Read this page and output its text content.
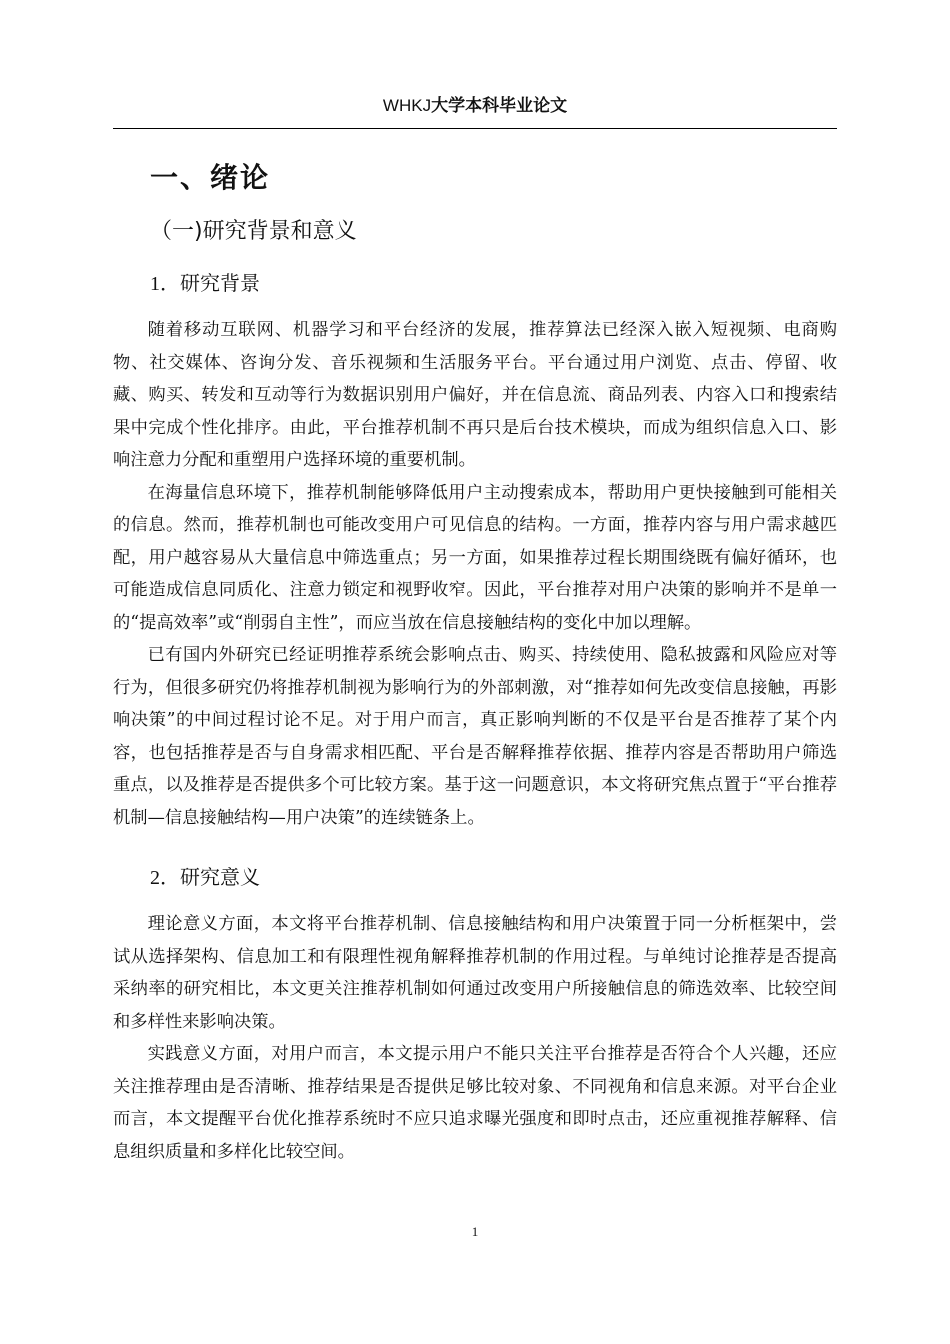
WHKJ大学本科毕业论文
一、绪论
（一)研究背景和意义
1．研究背景

随着移动互联网、机器学习和平台经济的发展，推荐算法已经深入嵌入短视频、电商购物、社交媒体、咨询分发、音乐视频和生活服务平台。平台通过用户浏览、点击、停留、收藏、购买、转发和互动等行为数据识别用户偏好，并在信息流、商品列表、内容入口和搜索结果中完成个性化排序。由此，平台推荐机制不再只是后台技术模块，而成为组织信息入口、影响注意力分配和重塑用户选择环境的重要机制。

在海量信息环境下，推荐机制能够降低用户主动搜索成本，帮助用户更快接触到可能相关的信息。然而，推荐机制也可能改变用户可见信息的结构。一方面，推荐内容与用户需求越匹配，用户越容易从大量信息中筛选重点；另一方面，如果推荐过程长期围绕既有偏好循环，也可能造成信息同质化、注意力锁定和视野收窄。因此，平台推荐对用户决策的影响并不是单一的“提高效率”或“削弱自主性”，而应当放在信息接触结构的变化中加以理解。

已有国内外研究已经证明推荐系统会影响点击、购买、持续使用、隐私披露和风险应对等行为，但很多研究仍将推荐机制视为影响行为的外部刺激，对“推荐如何先改变信息接触，再影响决策”的中间过程讨论不足。对于用户而言，真正影响判断的不仅是平台是否推荐了某个内容，也包括推荐是否与自身需求相匹配、平台是否解释推荐依据、推荐内容是否帮助用户筛选重点，以及推荐是否提供多个可比较方案。基于这一问题意识，本文将研究焦点置于“平台推荐机制—信息接触结构—用户决策”的连续链条上。

2．研究意义

理论意义方面，本文将平台推荐机制、信息接触结构和用户决策置于同一分析框架中，尝试从选择架构、信息加工和有限理性视角解释推荐机制的作用过程。与单纯讨论推荐是否提高采纳率的研究相比，本文更关注推荐机制如何通过改变用户所接触信息的筛选效率、比较空间和多样性来影响决策。

实践意义方面，对用户而言，本文提示用户不能只关注平台推荐是否符合个人兴趣，还应关注推荐理由是否清晰、推荐结果是否提供足够比较对象、不同视角和信息来源。对平台企业而言，本文提醒平台优化推荐系统时不应只追求曝光强度和即时点击，还应重视推荐解释、信息组织质量和多样化比较空间。

1
